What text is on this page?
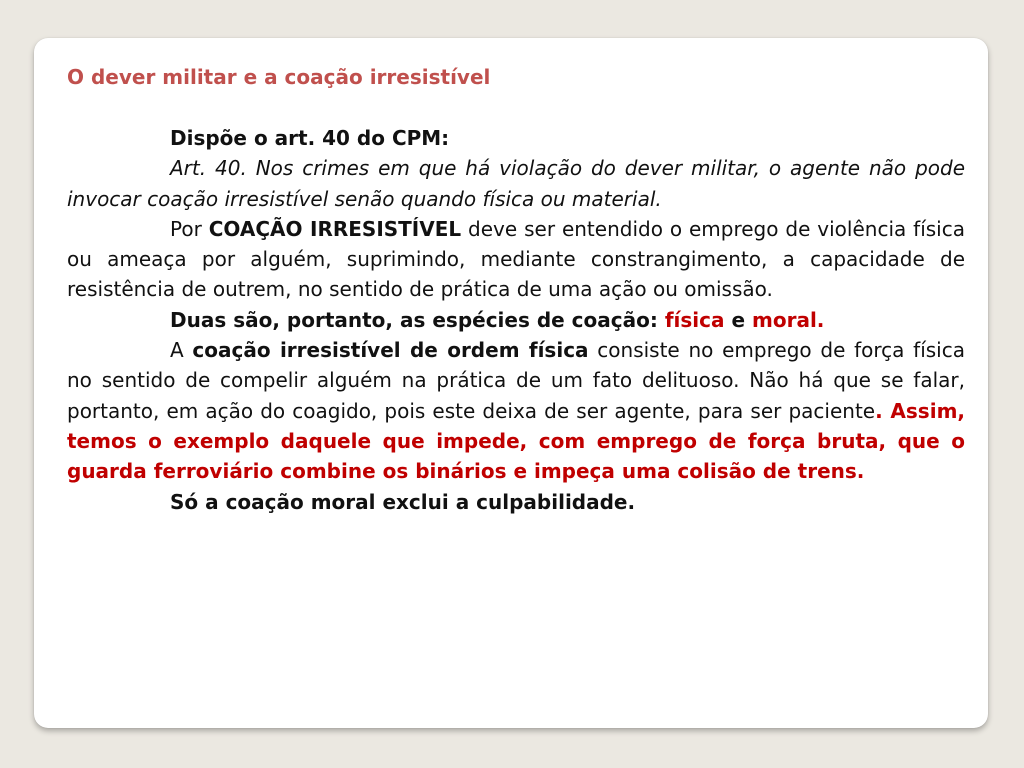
O dever militar e a coação irresistível

Dispõe o art. 40 do CPM:

Art. 40. Nos crimes em que há violação do dever militar, o agente não pode invocar coação irresistível senão quando física ou material.

Por COAÇÃO IRRESISTÍVEL deve ser entendido o emprego de violência física ou ameaça por alguém, suprimindo, mediante constrangimento, a capacidade de resistência de outrem, no sentido de prática de uma ação ou omissão.

Duas são, portanto, as espécies de coação: física e moral.

A coação irresistível de ordem física consiste no emprego de força física no sentido de compelir alguém na prática de um fato delituoso. Não há que se falar, portanto, em ação do coagido, pois este deixa de ser agente, para ser paciente. Assim, temos o exemplo daquele que impede, com emprego de força bruta, que o guarda ferroviário combine os binários e impeça uma colisão de trens.

Só a coação moral exclui a culpabilidade.
